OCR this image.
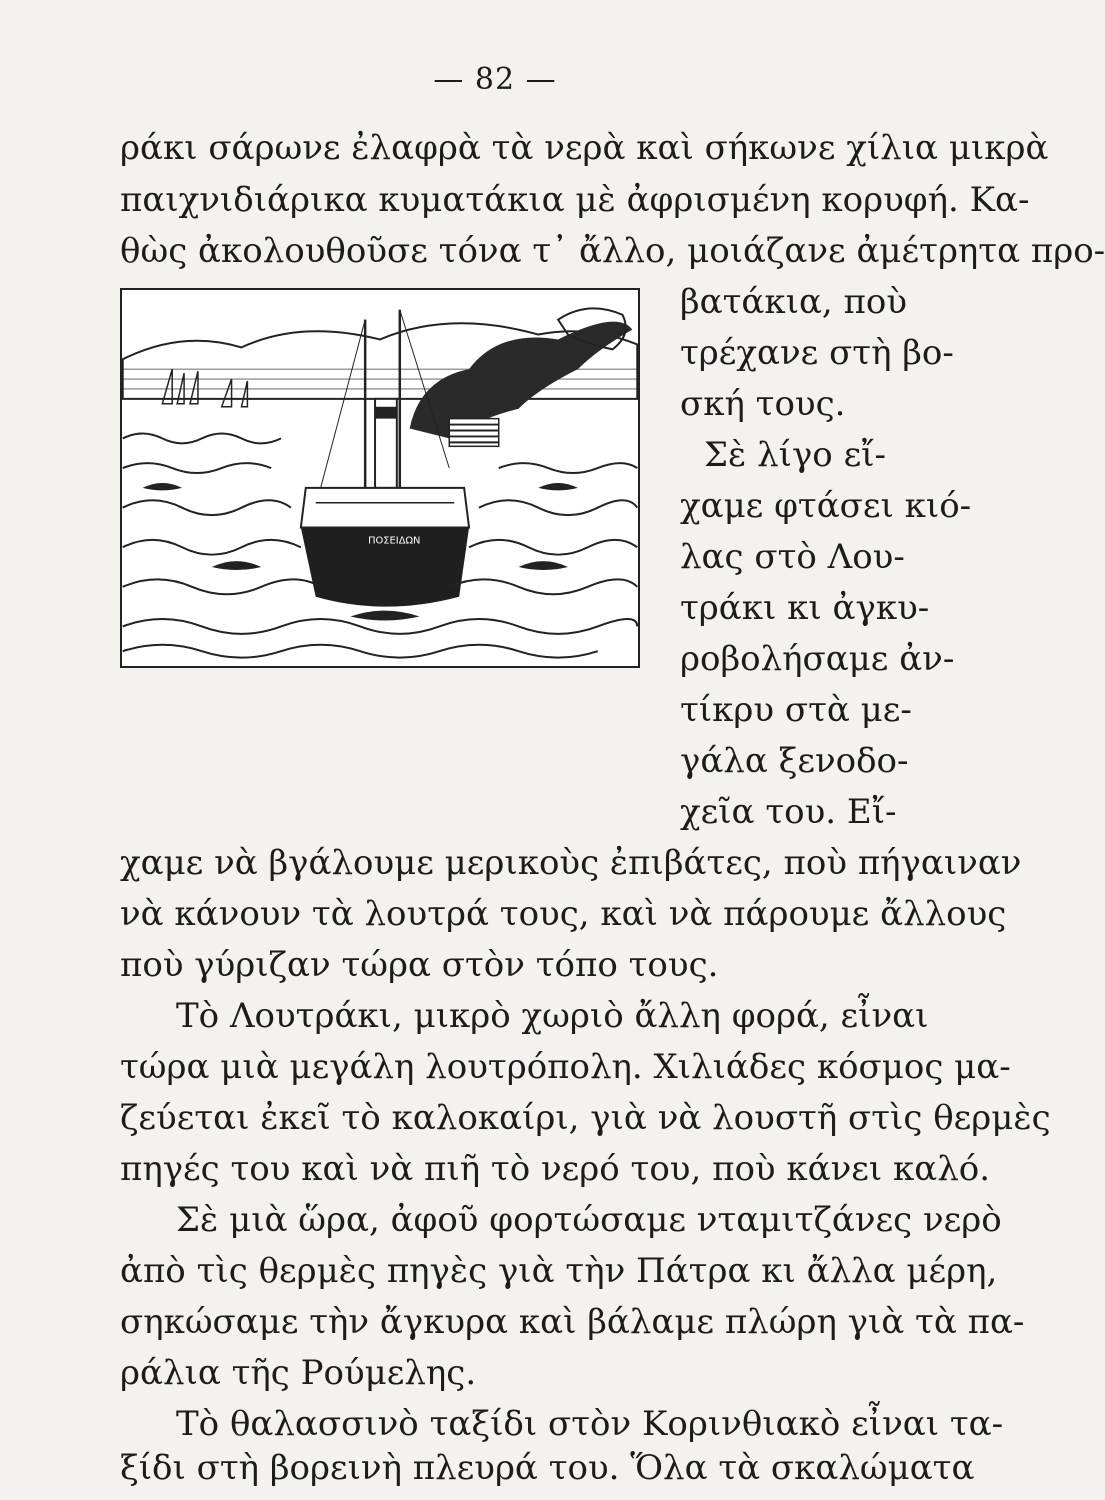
— 82 —
ράκι σάρωνε ἐλαφρὰ τὰ νερὰ καὶ σήκωνε χίλια μικρὰ
παιχνιδιάρικα κυματάκια μὲ ἀφρισμένη κορυφή. Κα-
θὼς ἀκολουθοῦσε τόνα τ᾿ ἄλλο, μοιάζανε ἀμέτρητα προ-
βατάκια, ποὺ
τρέχανε στὴ βο-
σκή τους.
Σὲ λίγο εἴ-
χαμε φτάσει κιό-
λας στὸ Λου-
τράκι κι ἀγκυ-
ροβολήσαμε ἀν-
τίκρυ στὰ με-
γάλα ξενοδο-
χεῖα του. Εἴ-
χαμε νὰ βγάλουμε μερικοὺς ἐπιβάτες, ποὺ πήγαιναν
νὰ κάνουν τὰ λουτρά τους, καὶ νὰ πάρουμε ἄλλους
ποὺ γύριζαν τώρα στὸν τόπο τους.
Τὸ Λουτράκι, μικρὸ χωριὸ ἄλλη φορά, εἶναι
τώρα μιὰ μεγάλη λουτρόπολη. Χιλιάδες κόσμος μα-
ζεύεται ἐκεῖ τὸ καλοκαίρι, γιὰ νὰ λουστῆ στὶς θερμὲς
πηγές του καὶ νὰ πιῆ τὸ νερό του, ποὺ κάνει καλό.
Σὲ μιὰ ὥρα, ἀφοῦ φορτώσαμε νταμιτζάνες νερὸ
ἀπὸ τὶς θερμὲς πηγὲς γιὰ τὴν Πάτρα κι ἄλλα μέρη,
σηκώσαμε τὴν ἄγκυρα καὶ βάλαμε πλώρη γιὰ τὰ πα-
ράλια τῆς Ρούμελης.
Τὸ θαλασσινὸ ταξίδι στὸν Κορινθιακὸ εἶναι τα-
ξίδι στὴ βορεινὴ πλευρά του. Ὅλα τὰ σκαλώματα
ΠΟΣΕΙΔΩΝ
